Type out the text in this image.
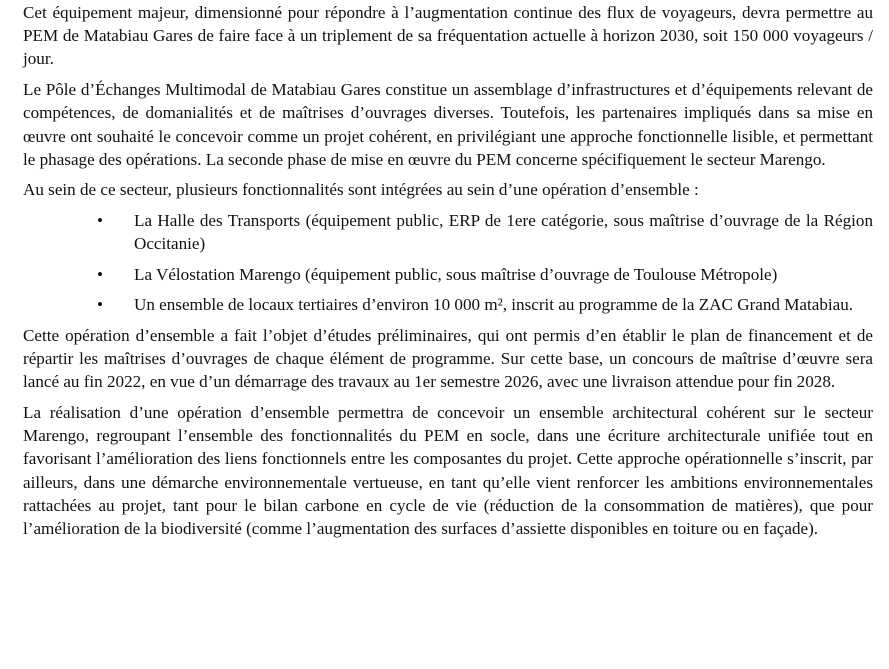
Cet équipement majeur, dimensionné pour répondre à l’augmentation continue des flux de voyageurs, devra permettre au PEM de Matabiau Gares de faire face à un triplement de sa fréquentation actuelle à horizon 2030, soit 150 000 voyageurs / jour.

Le Pôle d’Échanges Multimodal de Matabiau Gares constitue un assemblage d’infrastructures et d’équipements relevant de compétences, de domanialités et de maîtrises d’ouvrages diverses. Toutefois, les partenaires impliqués dans sa mise en œuvre ont souhaité le concevoir comme un projet cohérent, en privilégiant une approche fonctionnelle lisible, et permettant le phasage des opérations. La seconde phase de mise en œuvre du PEM concerne spécifiquement le secteur Marengo.

Au sein de ce secteur, plusieurs fonctionnalités sont intégrées au sein d’une opération d’ensemble :

• La Halle des Transports (équipement public, ERP de 1ere catégorie, sous maîtrise d’ouvrage de la Région Occitanie)
• La Vélostation Marengo (équipement public, sous maîtrise d’ouvrage de Toulouse Métropole)
• Un ensemble de locaux tertiaires d’environ 10 000 m², inscrit au programme de la ZAC Grand Matabiau.

Cette opération d’ensemble a fait l’objet d’études préliminaires, qui ont permis d’en établir le plan de financement et de répartir les maîtrises d’ouvrages de chaque élément de programme. Sur cette base, un concours de maîtrise d’œuvre sera lancé au fin 2022, en vue d’un démarrage des travaux au 1er semestre 2026, avec une livraison attendue pour fin 2028.

La réalisation d’une opération d’ensemble permettra de concevoir un ensemble architectural cohérent sur le secteur Marengo, regroupant l’ensemble des fonctionnalités du PEM en socle, dans une écriture architecturale unifiée tout en favorisant l’amélioration des liens fonctionnels entre les composantes du projet. Cette approche opérationnelle s’inscrit, par ailleurs, dans une démarche environnementale vertueuse, en tant qu’elle vient renforcer les ambitions environnementales rattachées au projet, tant pour le bilan carbone en cycle de vie (réduction de la consommation de matières), que pour l’amélioration de la biodiversité (comme l’augmentation des surfaces d’assiette disponibles en toiture ou en façade).
